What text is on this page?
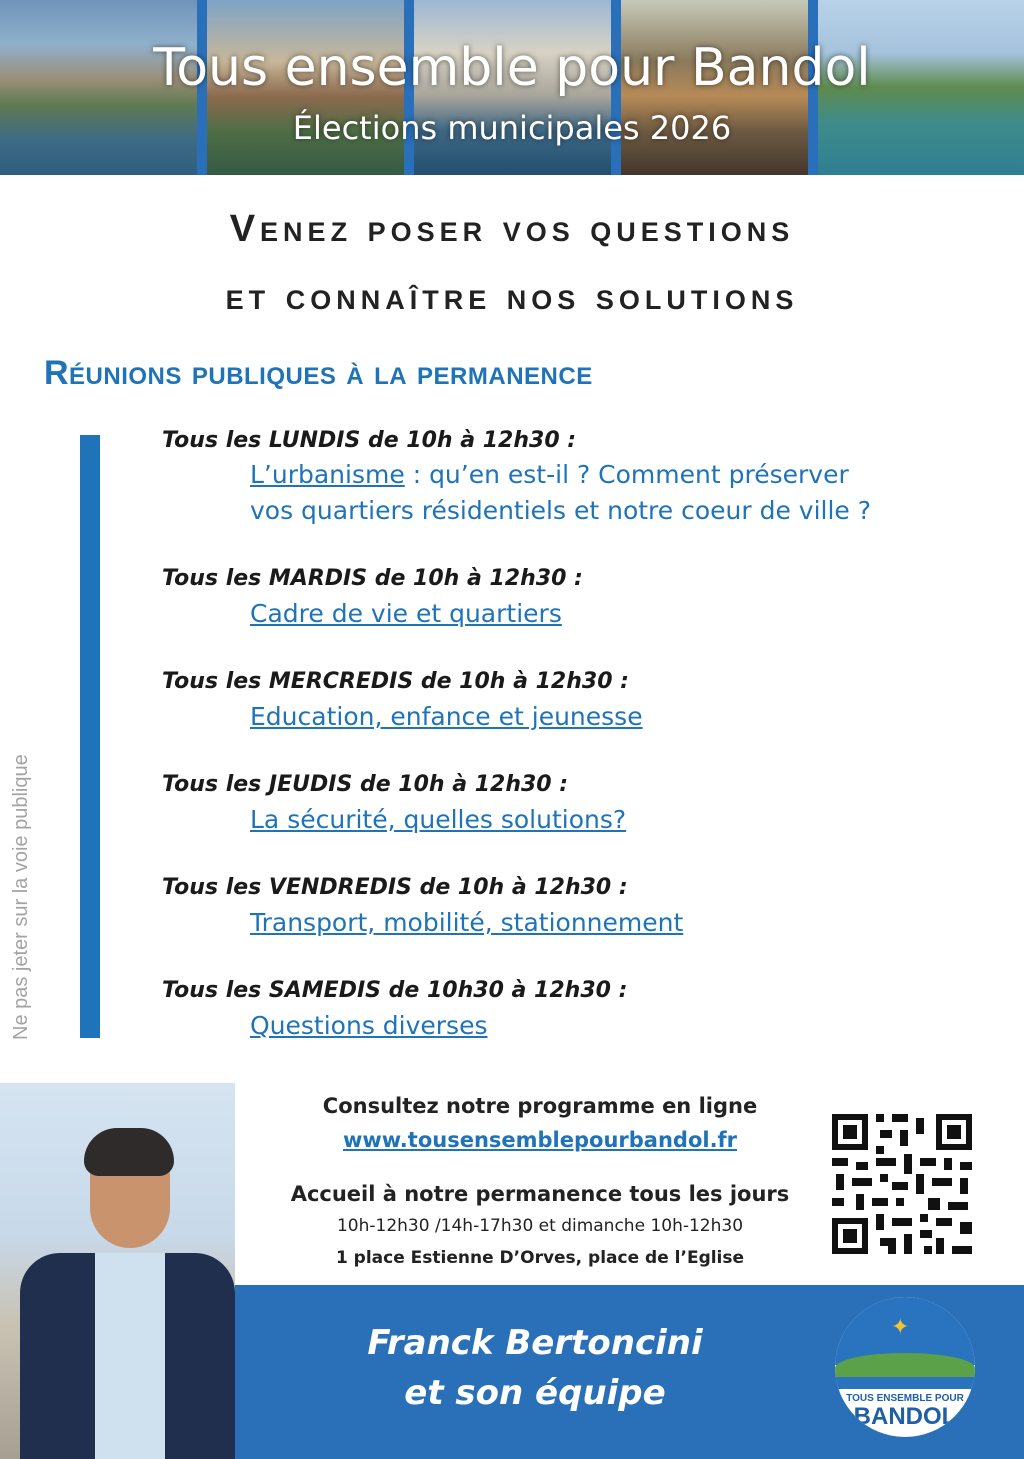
Tous ensemble pour Bandol
Élections municipales 2026
Venez poser vos questions
et connaître nos solutions
Réunions publiques à la permanence
Ne pas jeter sur la voie publique
Tous les LUNDIS de 10h à 12h30 :
L’urbanisme : qu’en est-il ? Comment préserver
vos quartiers résidentiels et notre coeur de ville ?
Tous les MARDIS de 10h à 12h30 :
Cadre de vie et quartiers
Tous les MERCREDIS de 10h à 12h30 :
Education, enfance et jeunesse
Tous les JEUDIS de 10h à 12h30 :
La sécurité, quelles solutions?
Tous les VENDREDIS de 10h à 12h30 :
Transport, mobilité, stationnement
Tous les SAMEDIS de 10h30 à 12h30 :
Questions diverses
Consultez notre programme en ligne
www.tousensemblepourbandol.fr
Accueil à notre permanence tous les jours
10h-12h30 /14h-17h30 et dimanche 10h-12h30
1 place Estienne D’Orves, place de l’Eglise
Franck Bertoncini
et son équipe
✦
TOUS ENSEMBLE POUR
BANDOL
